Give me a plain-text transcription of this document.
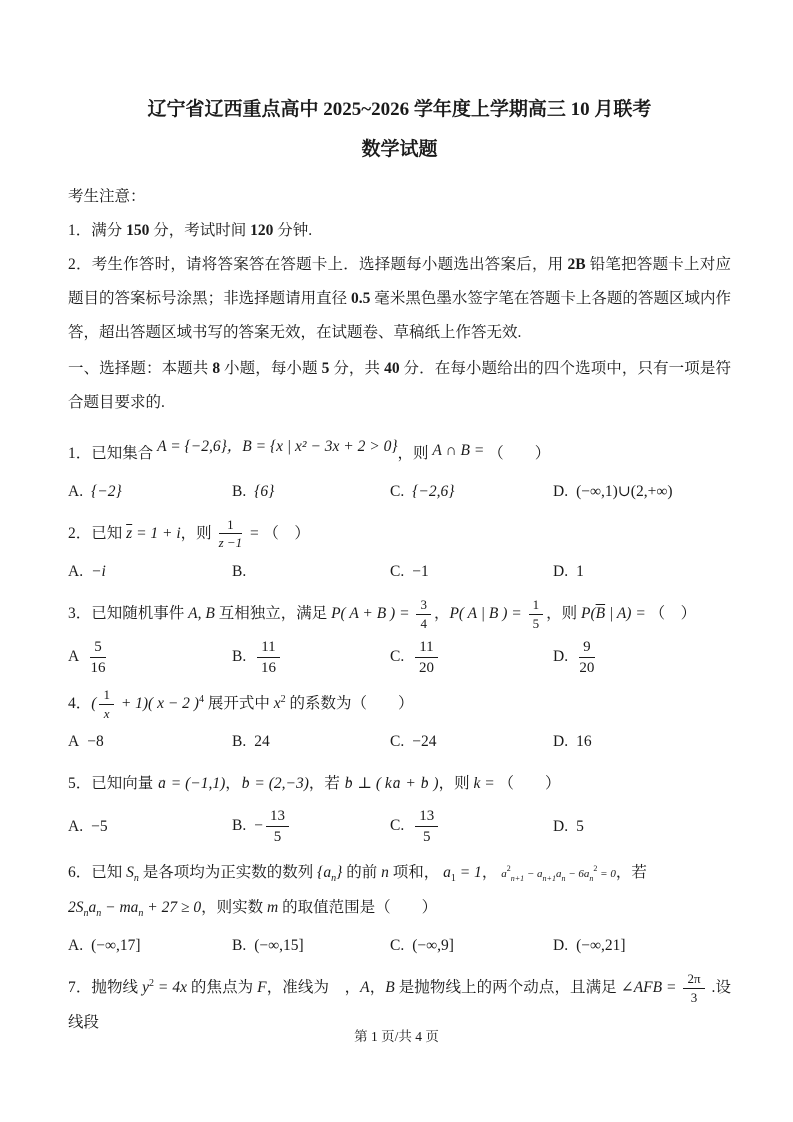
辽宁省辽西重点高中 2025~2026 学年度上学期高三 10 月联考
数学试题

考生注意：

1．满分 150 分，考试时间 120 分钟.

2．考生作答时，请将答案答在答题卡上．选择题每小题选出答案后，用 2B 铅笔把答题卡上对应题目的答案标号涂黑；非选择题请用直径 0.5 毫米黑色墨水签字笔在答题卡上各题的答题区域内作答，超出答题区域书写的答案无效，在试题卷、草稿纸上作答无效.

一、选择题：本题共 8 小题，每小题 5 分，共 40 分．在每小题给出的四个选项中，只有一项是符合题目要求的.

1．已知集合 A = {−2,6}，B = {x | x² − 3x + 2 > 0}，则 A ∩ B = （　　）

A. {−2}	B. {6}	C. {−2,6}	D. (−∞,1)∪(2,+∞)

2．已知 $\overline{z} = 1 + i$，则 $\frac{1}{z -1}$ = （　）

A. −i	B.	C. −1	D. 1

3．已知随机事件 A, B 互相独立，满足 P( A + B ) = $\frac{3}{4}$ ，P( A | B ) = $\frac{1}{5}$ ，则 $P(\overline{B}$ | A) = （　）

A $\frac{5}{16}$	B. $\frac{11}{16}$	C. $\frac{11}{20}$	D. $\frac{9}{20}$

4．( $\frac{1}{x} + 1$)( x − 2 )$^4$ 展开式中 $x^2$ 的系数为（　　）

A −8	B. 24	C. −24	D. 16

5．已知向量 a → = (−1,1)，b → = (2,−3)，若 b → ⊥ ( ka → + b → )，则 k = （　　）

A. −5	B. − $\frac{13}{5}$	C. $\frac{13}{5}$	D. 5

6．已知 $S_n$ 是各项均为正实数的数列 $\{a_n\}$ 的前 n 项和， $a_1 = 1$， $a^2_{n+1} - a_{n+1}a_n - 6a_n^2 = 0$，若

$2S_na_n - ma_n + 27 \ge 0$，则实数 m 的取值范围是（　　）

A. (−∞,17]	B. (−∞,15]	C. (−∞,9]	D. (−∞,21]

7．抛物线 $y^2 = 4x$ 的焦点为 F，准线为　，A，B 是抛物线上的两个动点，且满足 ∠AFB = $\frac{2\pi}{3}$ .设线段

第 1 页/共 4 页
